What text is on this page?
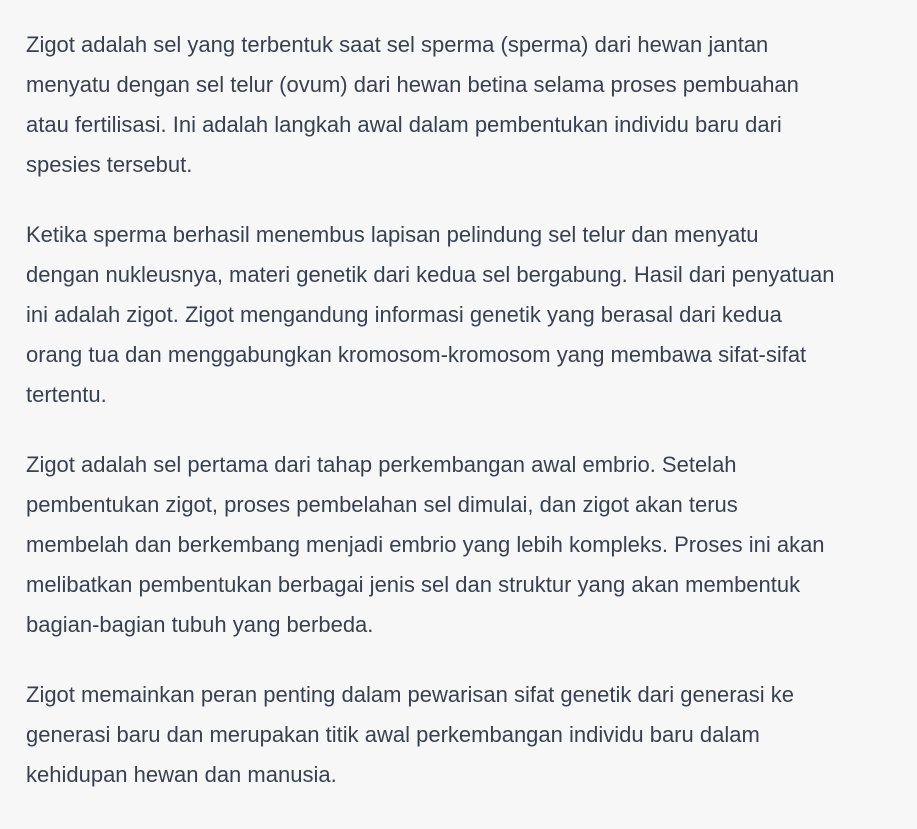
Zigot adalah sel yang terbentuk saat sel sperma (sperma) dari hewan jantan
menyatu dengan sel telur (ovum) dari hewan betina selama proses pembuahan
atau fertilisasi. Ini adalah langkah awal dalam pembentukan individu baru dari
spesies tersebut.

Ketika sperma berhasil menembus lapisan pelindung sel telur dan menyatu
dengan nukleusnya, materi genetik dari kedua sel bergabung. Hasil dari penyatuan
ini adalah zigot. Zigot mengandung informasi genetik yang berasal dari kedua
orang tua dan menggabungkan kromosom-kromosom yang membawa sifat-sifat
tertentu.

Zigot adalah sel pertama dari tahap perkembangan awal embrio. Setelah
pembentukan zigot, proses pembelahan sel dimulai, dan zigot akan terus
membelah dan berkembang menjadi embrio yang lebih kompleks. Proses ini akan
melibatkan pembentukan berbagai jenis sel dan struktur yang akan membentuk
bagian-bagian tubuh yang berbeda.

Zigot memainkan peran penting dalam pewarisan sifat genetik dari generasi ke
generasi baru dan merupakan titik awal perkembangan individu baru dalam
kehidupan hewan dan manusia.
